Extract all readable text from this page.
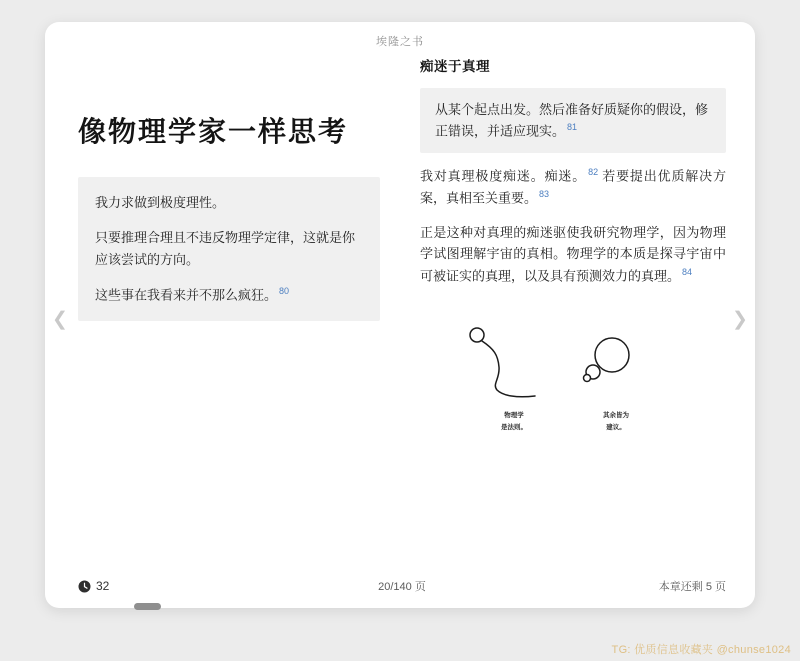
埃隆之书
像物理学家一样思考

我力求做到极度理性。

只要推理合理且不违反物理学定律，这就是你应该尝试的方向。

这些事在我看来并不那么疯狂。 $^{80}$

痴迷于真理

从某个起点出发。然后准备好质疑你的假设，修正错误，并适应现实。 $^{81}$

我对真理极度痴迷。痴迷。 $^{82}$ 若要提出优质解决方案，真相至关重要。 $^{83}$

正是这种对真理的痴迷驱使我研究物理学，因为物理学试图理解宇宙的真相。物理学的本质是探寻宇宙中可被证实的真理，以及具有预测效力的真理。 $^{84}$

物理学
是法则。
其余皆为
建议。
❮	❯
32	20/140 页	本章还剩 5 页
TG: 优质信息收藏夹 @chunse1024
